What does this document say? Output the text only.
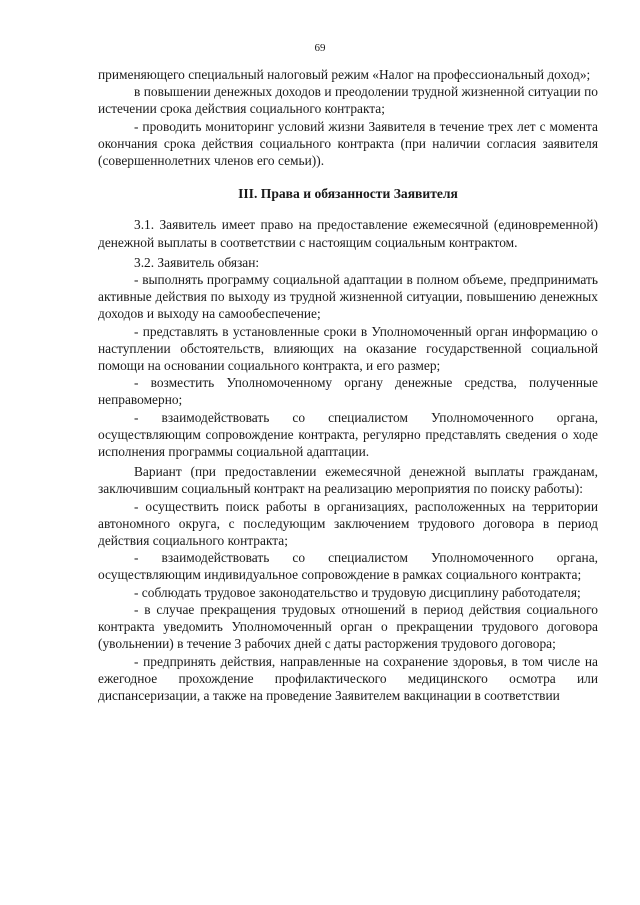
69

применяющего специальный налоговый режим «Налог на профессиональный доход»;

в повышении денежных доходов и преодолении трудной жизненной ситуации по истечении срока действия социального контракта;

- проводить мониторинг условий жизни Заявителя в течение трех лет с момента окончания срока действия социального контракта (при наличии согласия заявителя (совершеннолетних членов его семьи)).

III. Права и обязанности Заявителя

3.1. Заявитель имеет право на предоставление ежемесячной (единовременной) денежной выплаты в соответствии с настоящим социальным контрактом.

3.2. Заявитель обязан:

- выполнять программу социальной адаптации в полном объеме, предпринимать активные действия по выходу из трудной жизненной ситуации, повышению денежных доходов и выходу на самообеспечение;

- представлять в установленные сроки в Уполномоченный орган информацию о наступлении обстоятельств, влияющих на оказание государственной социальной помощи на основании социального контракта, и его размер;

- возместить Уполномоченному органу денежные средства, полученные неправомерно;

- взаимодействовать со специалистом Уполномоченного органа, осуществляющим сопровождение контракта, регулярно представлять сведения о ходе исполнения программы социальной адаптации.

Вариант (при предоставлении ежемесячной денежной выплаты гражданам, заключившим социальный контракт на реализацию мероприятия по поиску работы):

- осуществить поиск работы в организациях, расположенных на территории автономного округа, с последующим заключением трудового договора в период действия социального контракта;

- взаимодействовать со специалистом Уполномоченного органа, осуществляющим индивидуальное сопровождение в рамках социального контракта;

- соблюдать трудовое законодательство и трудовую дисциплину работодателя;

- в случае прекращения трудовых отношений в период действия социального контракта уведомить Уполномоченный орган о прекращении трудового договора (увольнении) в течение 3 рабочих дней с даты расторжения трудового договора;

- предпринять действия, направленные на сохранение здоровья, в том числе на ежегодное прохождение профилактического медицинского осмотра или диспансеризации, а также на проведение Заявителем вакцинации в соответствии
